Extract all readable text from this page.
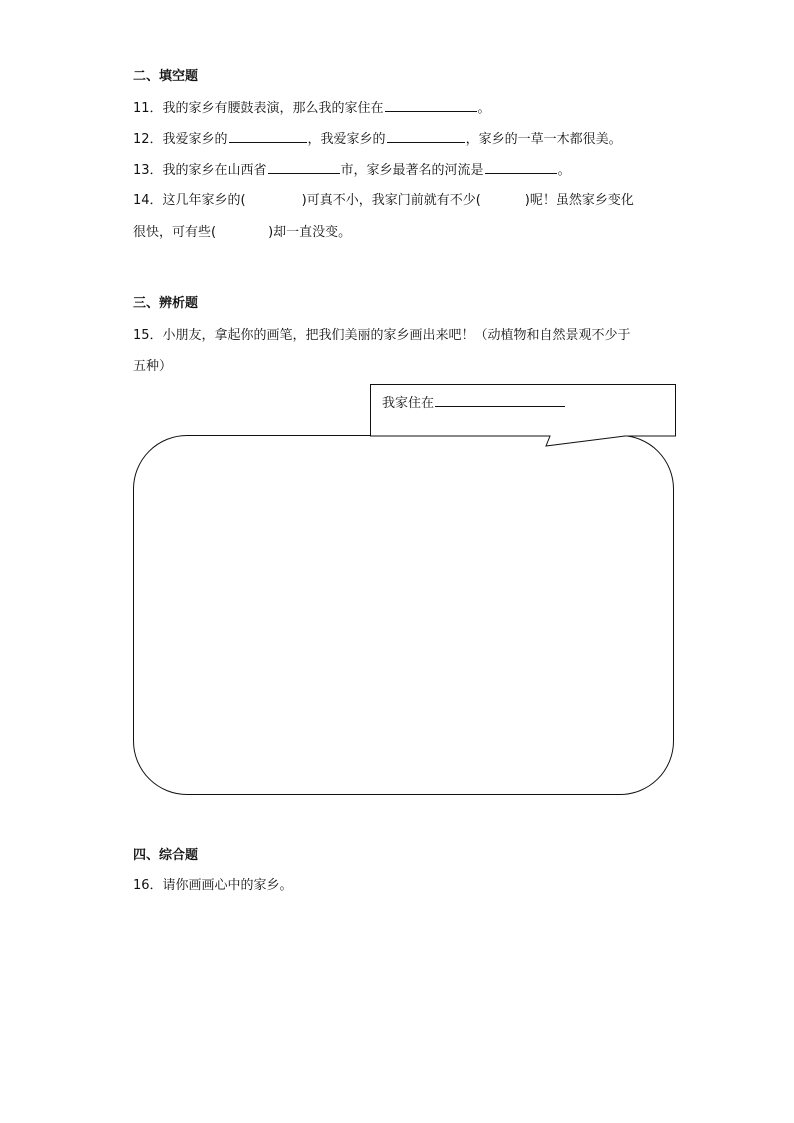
二、填空题
11．我的家乡有腰鼓表演，那么我的家住在	。
12．我爱家乡的	，我爱家乡的	，家乡的一草一木都很美。
13．我的家乡在山西省	市，家乡最著名的河流是	。
14．这几年家乡的(	)可真不小，我家门前就有不少(	)呢！虽然家乡变化
很快，可有些(	)却一直没变。
三、辨析题
15．小朋友，拿起你的画笔，把我们美丽的家乡画出来吧！（动植物和自然景观不少于
五种）
我家住在
四、综合题
16．请你画画心中的家乡。
